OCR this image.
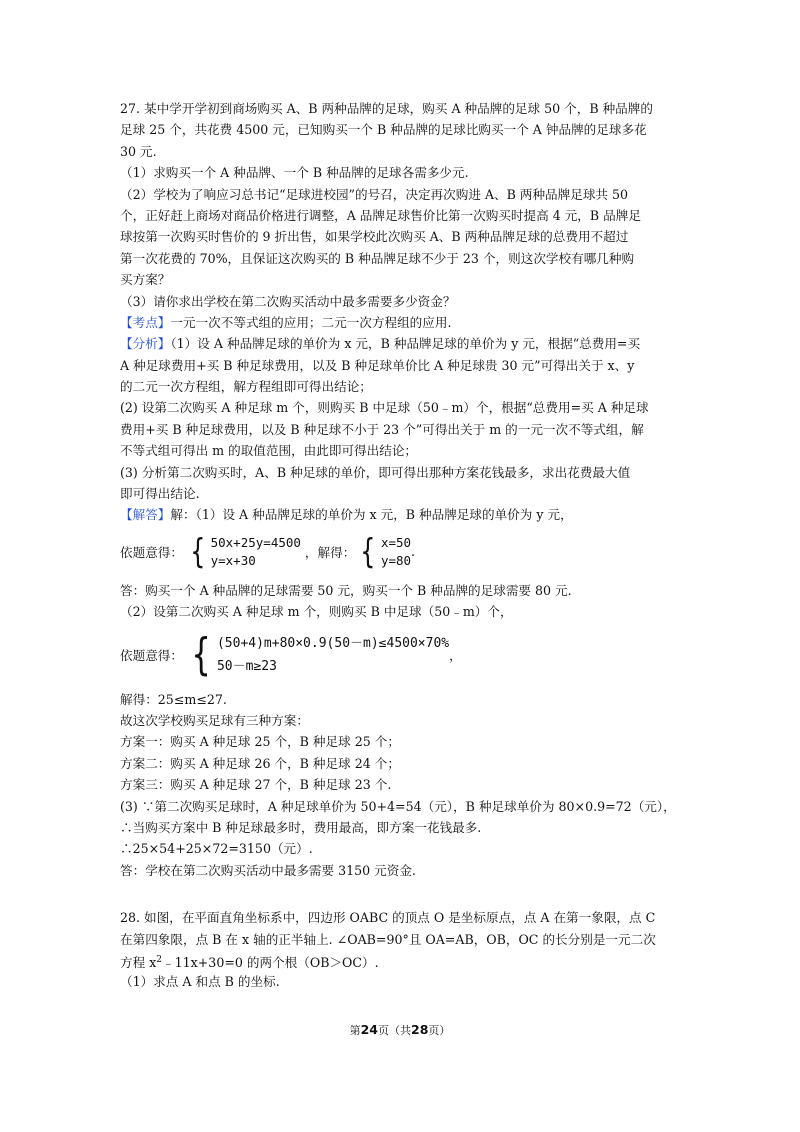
27. 某中学开学初到商场购买 A、B 两种品牌的足球，购买 A 种品牌的足球 50 个，B 种品牌的
足球 25 个，共花费 4500 元，已知购买一个 B 种品牌的足球比购买一个 A 钟品牌的足球多花
30 元.
（1）求购买一个 A 种品牌、一个 B 种品牌的足球各需多少元.
（2）学校为了响应习总书记“足球进校园”的号召，决定再次购进 A、B 两种品牌足球共 50
个，正好赶上商场对商品价格进行调整，A 品牌足球售价比第一次购买时提高 4 元，B 品牌足
球按第一次购买时售价的 9 折出售，如果学校此次购买 A、B 两种品牌足球的总费用不超过
第一次花费的 70%，且保证这次购买的 B 种品牌足球不少于 23 个，则这次学校有哪几种购
买方案？
（3）请你求出学校在第二次购买活动中最多需要多少资金？
【考点】一元一次不等式组的应用；二元一次方程组的应用.
【分析】（1）设 A 种品牌足球的单价为 x 元，B 种品牌足球的单价为 y 元，根据“总费用=买
A 种足球费用+买 B 种足球费用，以及 B 种足球单价比 A 种足球贵 30 元”可得出关于 x、y
的二元一次方程组，解方程组即可得出结论；
(2) 设第二次购买 A 种足球 m 个，则购买 B 中足球（50﹣m）个，根据“总费用=买 A 种足球
费用+买 B 种足球费用，以及 B 种足球不小于 23 个”可得出关于 m 的一元一次不等式组，解
不等式组可得出 m 的取值范围，由此即可得出结论；
(3) 分析第二次购买时，A、B 种足球的单价，即可得出那种方案花钱最多，求出花费最大值
即可得出结论.
【解答】解：（1）设 A 种品牌足球的单价为 x 元，B 种品牌足球的单价为 y 元，
依题意得： { 50x+25y=4500
y=x+30	，解得： { x=50
y=80
.
答：购买一个 A 种品牌的足球需要 50 元，购买一个 B 种品牌的足球需要 80 元.
（2）设第二次购买 A 种足球 m 个，则购买 B 中足球（50﹣m）个，
依题意得： { (50+4)m+80×0.9(50－m)≤4500×70%
50－m≥23
，
解得：25≤m≤27.
故这次学校购买足球有三种方案：
方案一：购买 A 种足球 25 个，B 种足球 25 个；
方案二：购买 A 种足球 26 个，B 种足球 24 个；
方案三：购买 A 种足球 27 个，B 种足球 23 个.
(3) ∵第二次购买足球时，A 种足球单价为 50+4=54（元），B 种足球单价为 80×0.9=72（元），
∴当购买方案中 B 种足球最多时，费用最高，即方案一花钱最多.
∴25×54+25×72=3150（元）.
答：学校在第二次购买活动中最多需要 3150 元资金.
28. 如图，在平面直角坐标系中，四边形 OABC 的顶点 O 是坐标原点，点 A 在第一象限，点 C
在第四象限，点 B 在 x 轴的正半轴上. ∠OAB=90°且 OA=AB，OB，OC 的长分别是一元二次
方程 $x^2﹣11x+30=0$ 的两个根（OB＞OC）.
（1）求点 A 和点 B 的坐标.
第24页（共28页）
